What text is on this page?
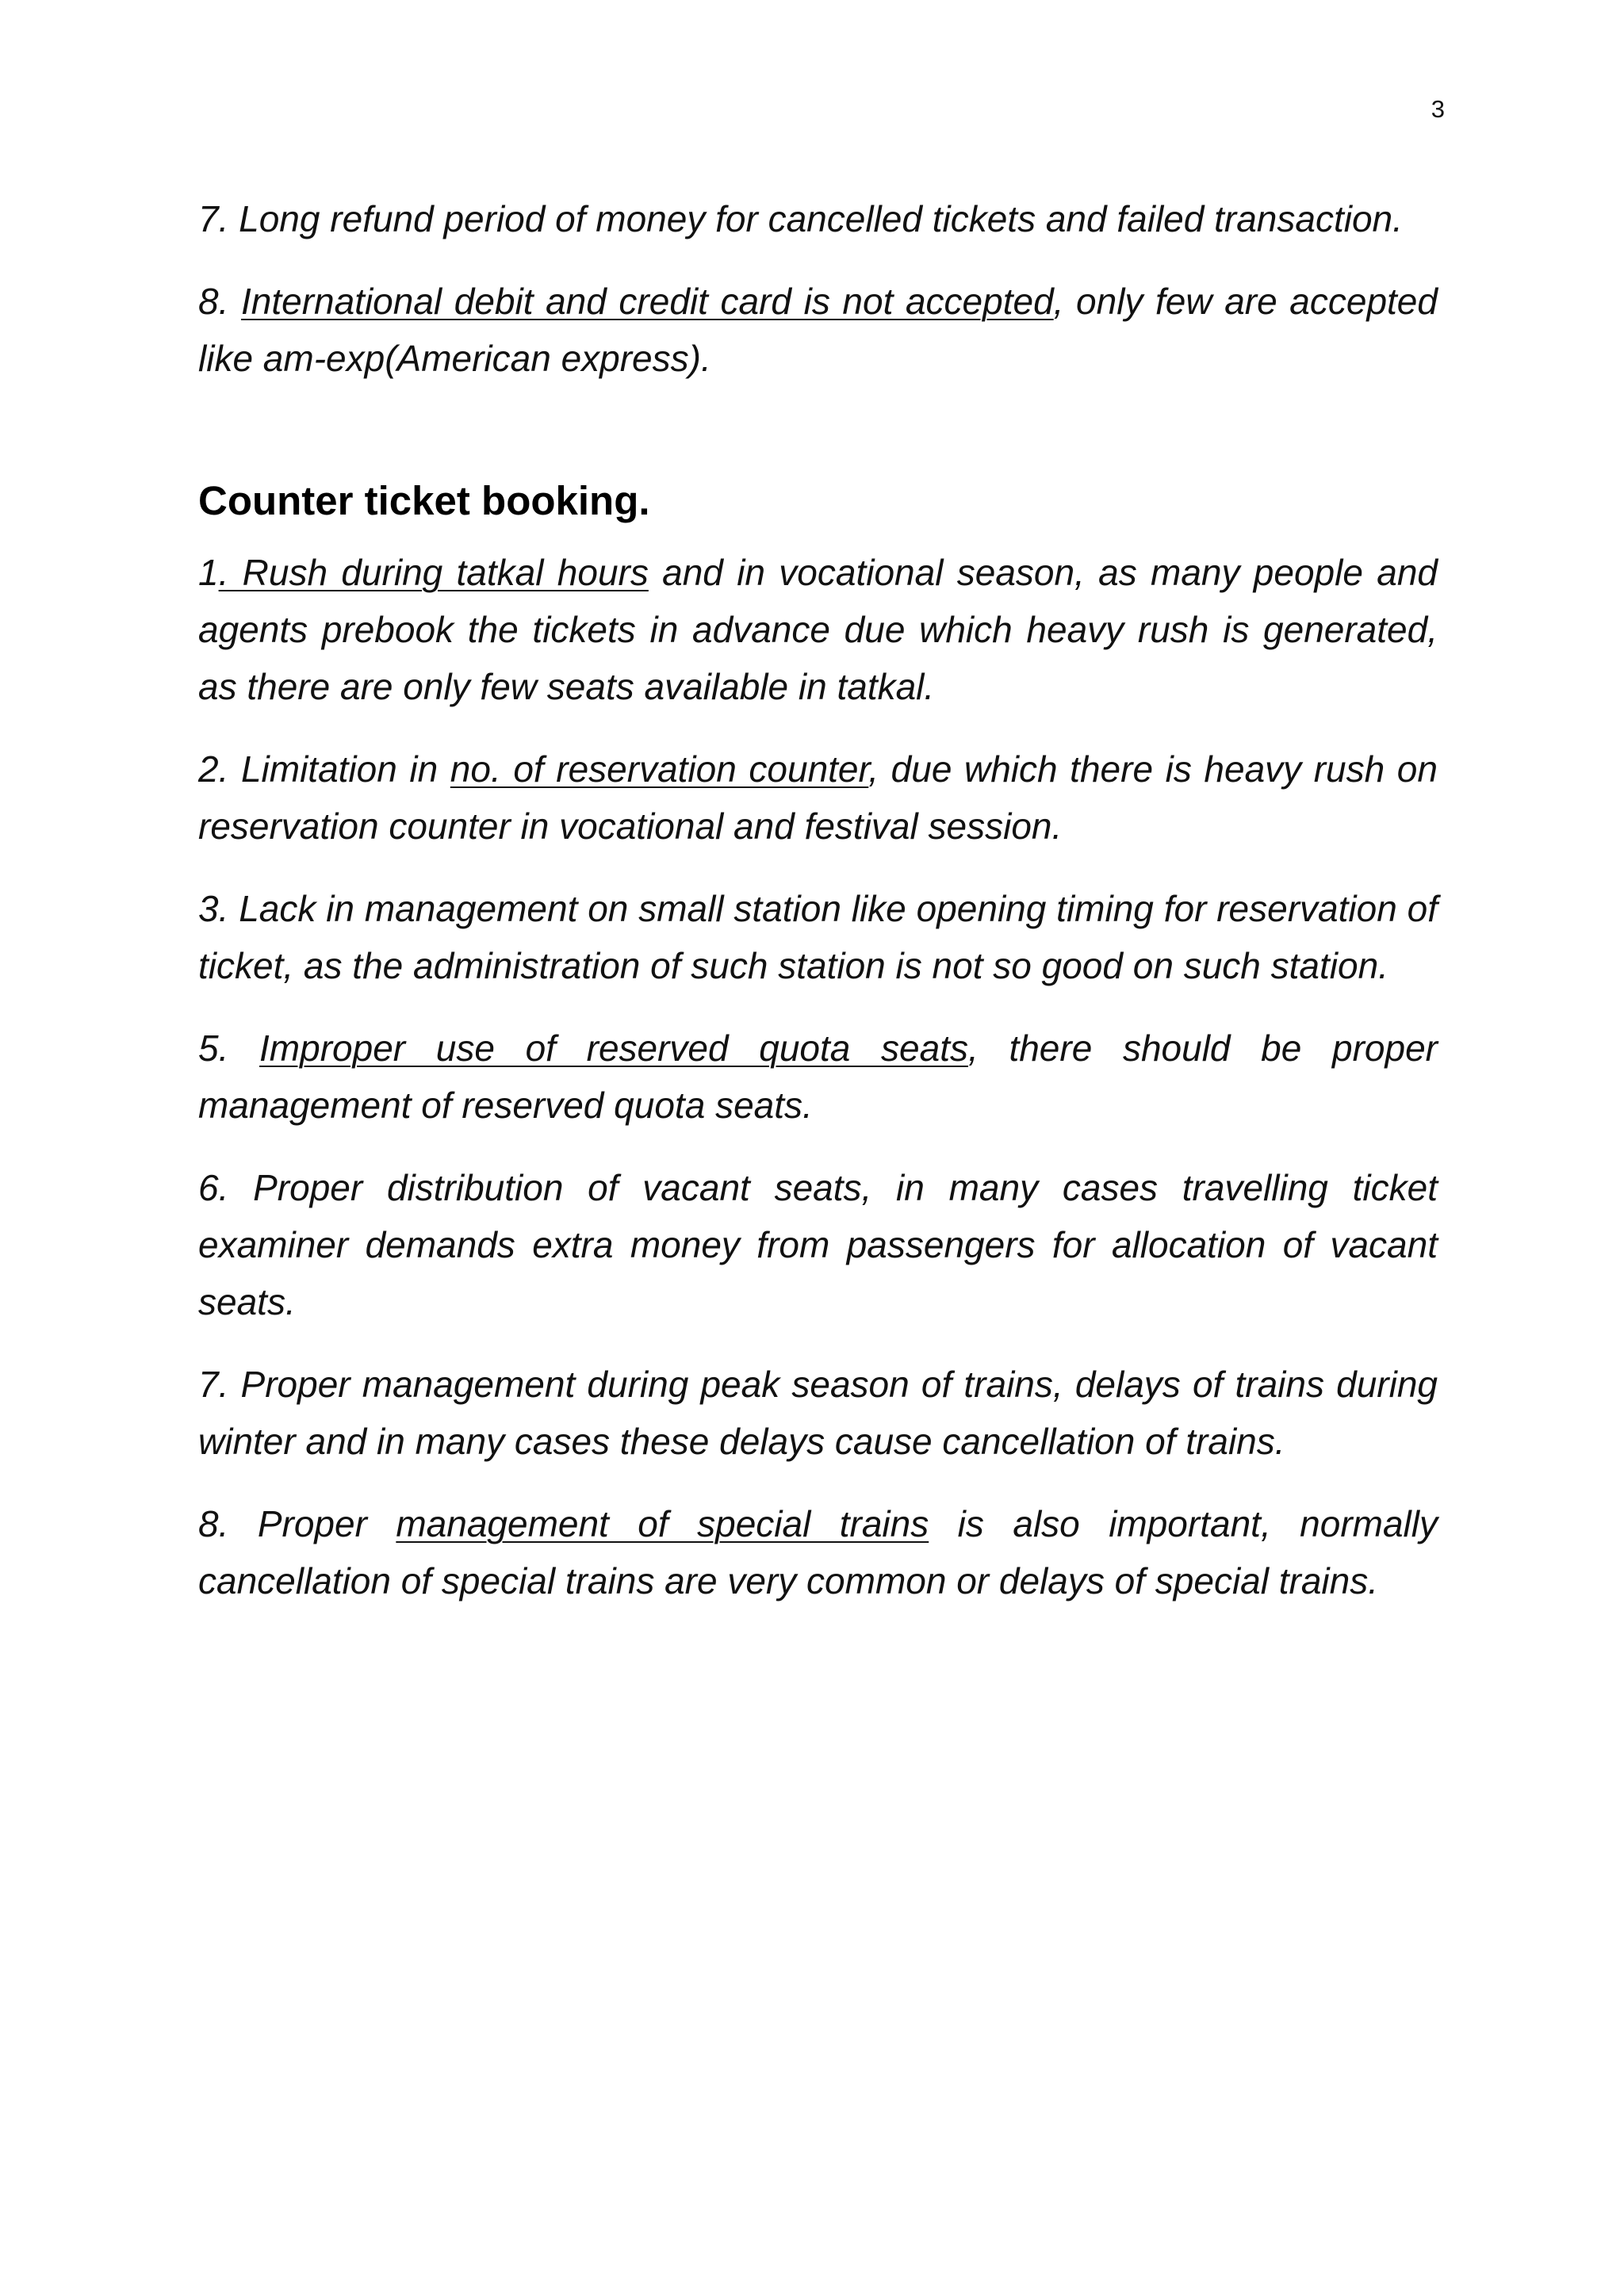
3

7. Long refund period of money for cancelled tickets and failed transaction.

8. International debit and credit card is not accepted, only few are accepted like am-exp(American express).

Counter ticket booking.

1. Rush during tatkal hours and in vocational season, as many people and agents prebook the tickets in advance due which heavy rush is generated, as there are only few seats available in tatkal.

2. Limitation in no. of reservation counter, due which there is heavy rush on reservation counter in vocational and festival session.

3. Lack in management on small station like opening timing for reservation of ticket, as the administration of such station is not so good on such station.

5. Improper use of reserved quota seats, there should be proper management of reserved quota seats.

6. Proper distribution of vacant seats, in many cases travelling ticket examiner demands extra money from passengers for allocation of vacant seats.

7. Proper management during peak season of trains, delays of trains during winter and in many cases these delays cause cancellation of trains.

8. Proper management of special trains is also important, normally cancellation of special trains are very common or delays of special trains.
